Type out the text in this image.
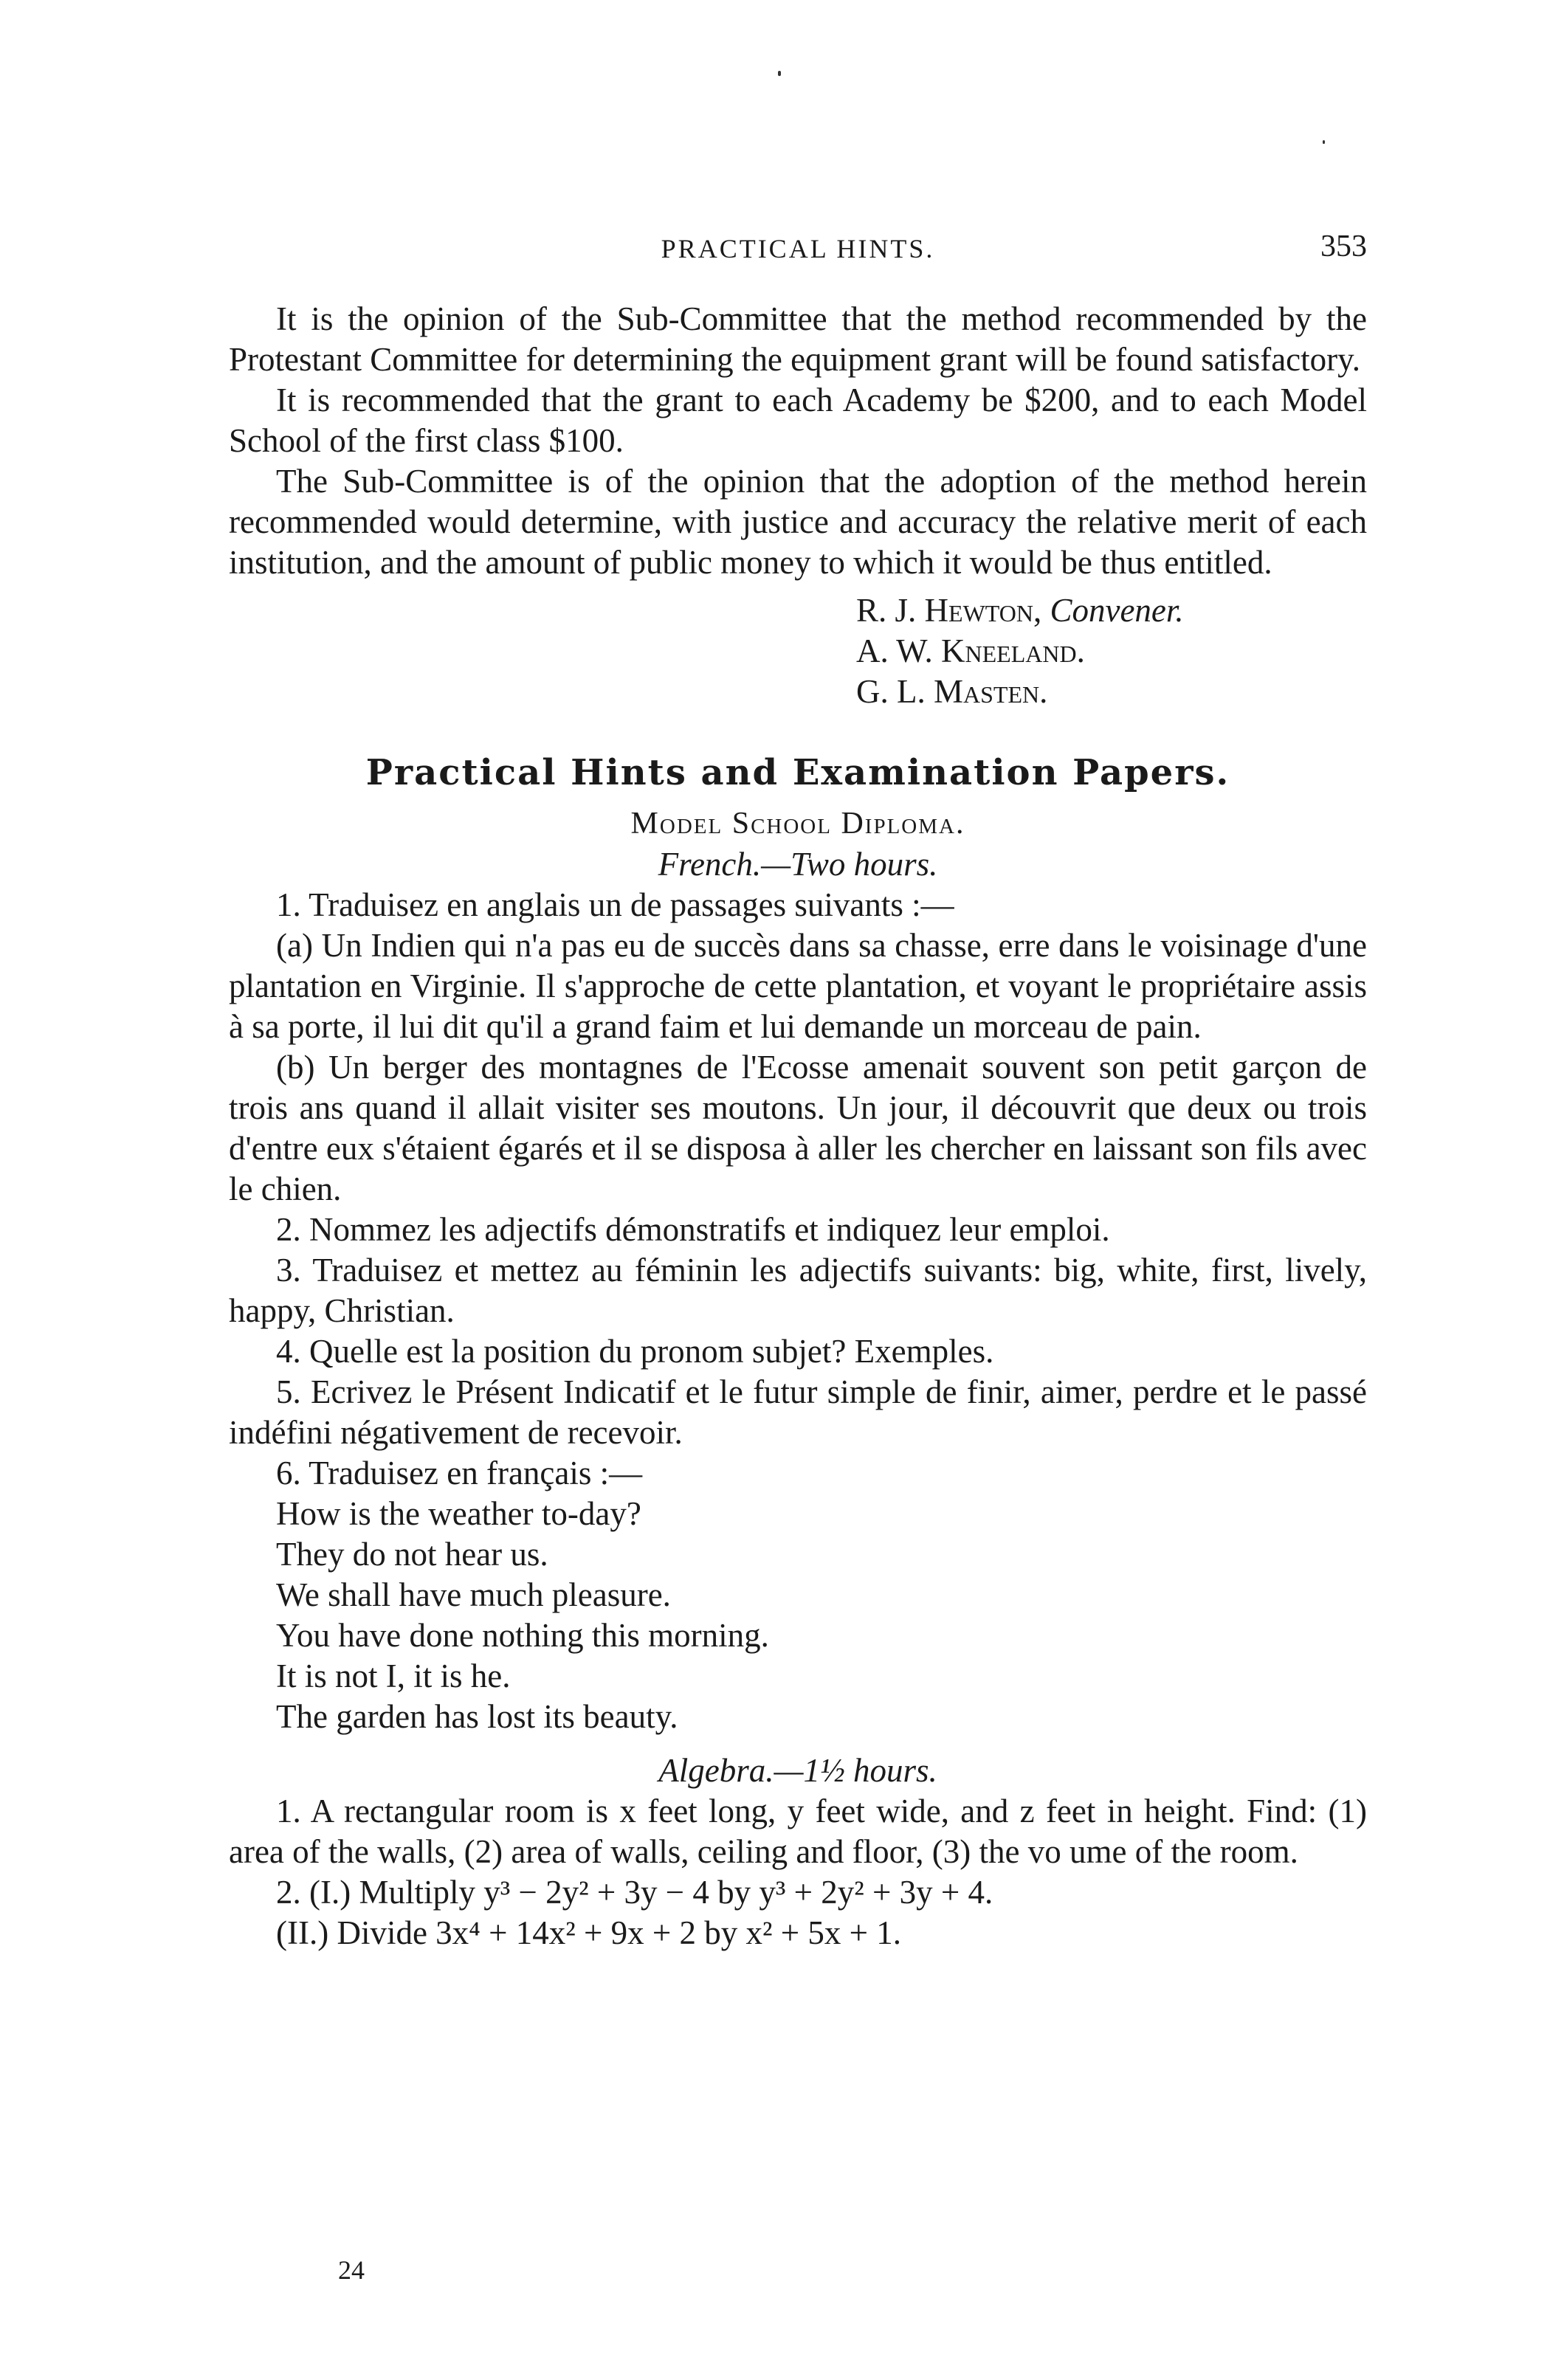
PRACTICAL HINTS.	353

It is the opinion of the Sub-Committee that the method recommended by the Protestant Committee for determining the equipment grant will be found satisfactory.

It is recommended that the grant to each Academy be $200, and to each Model School of the first class $100.

The Sub-Committee is of the opinion that the adoption of the method herein recommended would determine, with justice and accuracy the relative merit of each institution, and the amount of public money to which it would be thus entitled.

R. J. Hewton, Convener.
A. W. Kneeland.
G. L. Masten.
Practical Hints and Examination Papers.
Model School Diploma.
French.—Two hours.

1. Traduisez en anglais un de passages suivants :—

(a) Un Indien qui n'a pas eu de succès dans sa chasse, erre dans le voisinage d'une plantation en Virginie. Il s'approche de cette plantation, et voyant le propriétaire assis à sa porte, il lui dit qu'il a grand faim et lui demande un morceau de pain.

(b) Un berger des montagnes de l'Ecosse amenait souvent son petit garçon de trois ans quand il allait visiter ses moutons. Un jour, il découvrit que deux ou trois d'entre eux s'étaient égarés et il se disposa à aller les chercher en laissant son fils avec le chien.

2. Nommez les adjectifs démonstratifs et indiquez leur emploi.

3. Traduisez et mettez au féminin les adjectifs suivants: big, white, first, lively, happy, Christian.

4. Quelle est la position du pronom subjet? Exemples.

5. Ecrivez le Présent Indicatif et le futur simple de finir, aimer, perdre et le passé indéfini négativement de recevoir.

6. Traduisez en français :—

How is the weather to-day?

They do not hear us.

We shall have much pleasure.

You have done nothing this morning.

It is not I, it is he.

The garden has lost its beauty.

Algebra.—1½ hours.

1. A rectangular room is x feet long, y feet wide, and z feet in height. Find: (1) area of the walls, (2) area of walls, ceiling and floor, (3) the vo ume of the room.

2. (I.) Multiply y³ − 2y² + 3y − 4 by y³ + 2y² + 3y + 4.

(II.) Divide 3x⁴ + 14x² + 9x + 2 by x² + 5x + 1.

24
